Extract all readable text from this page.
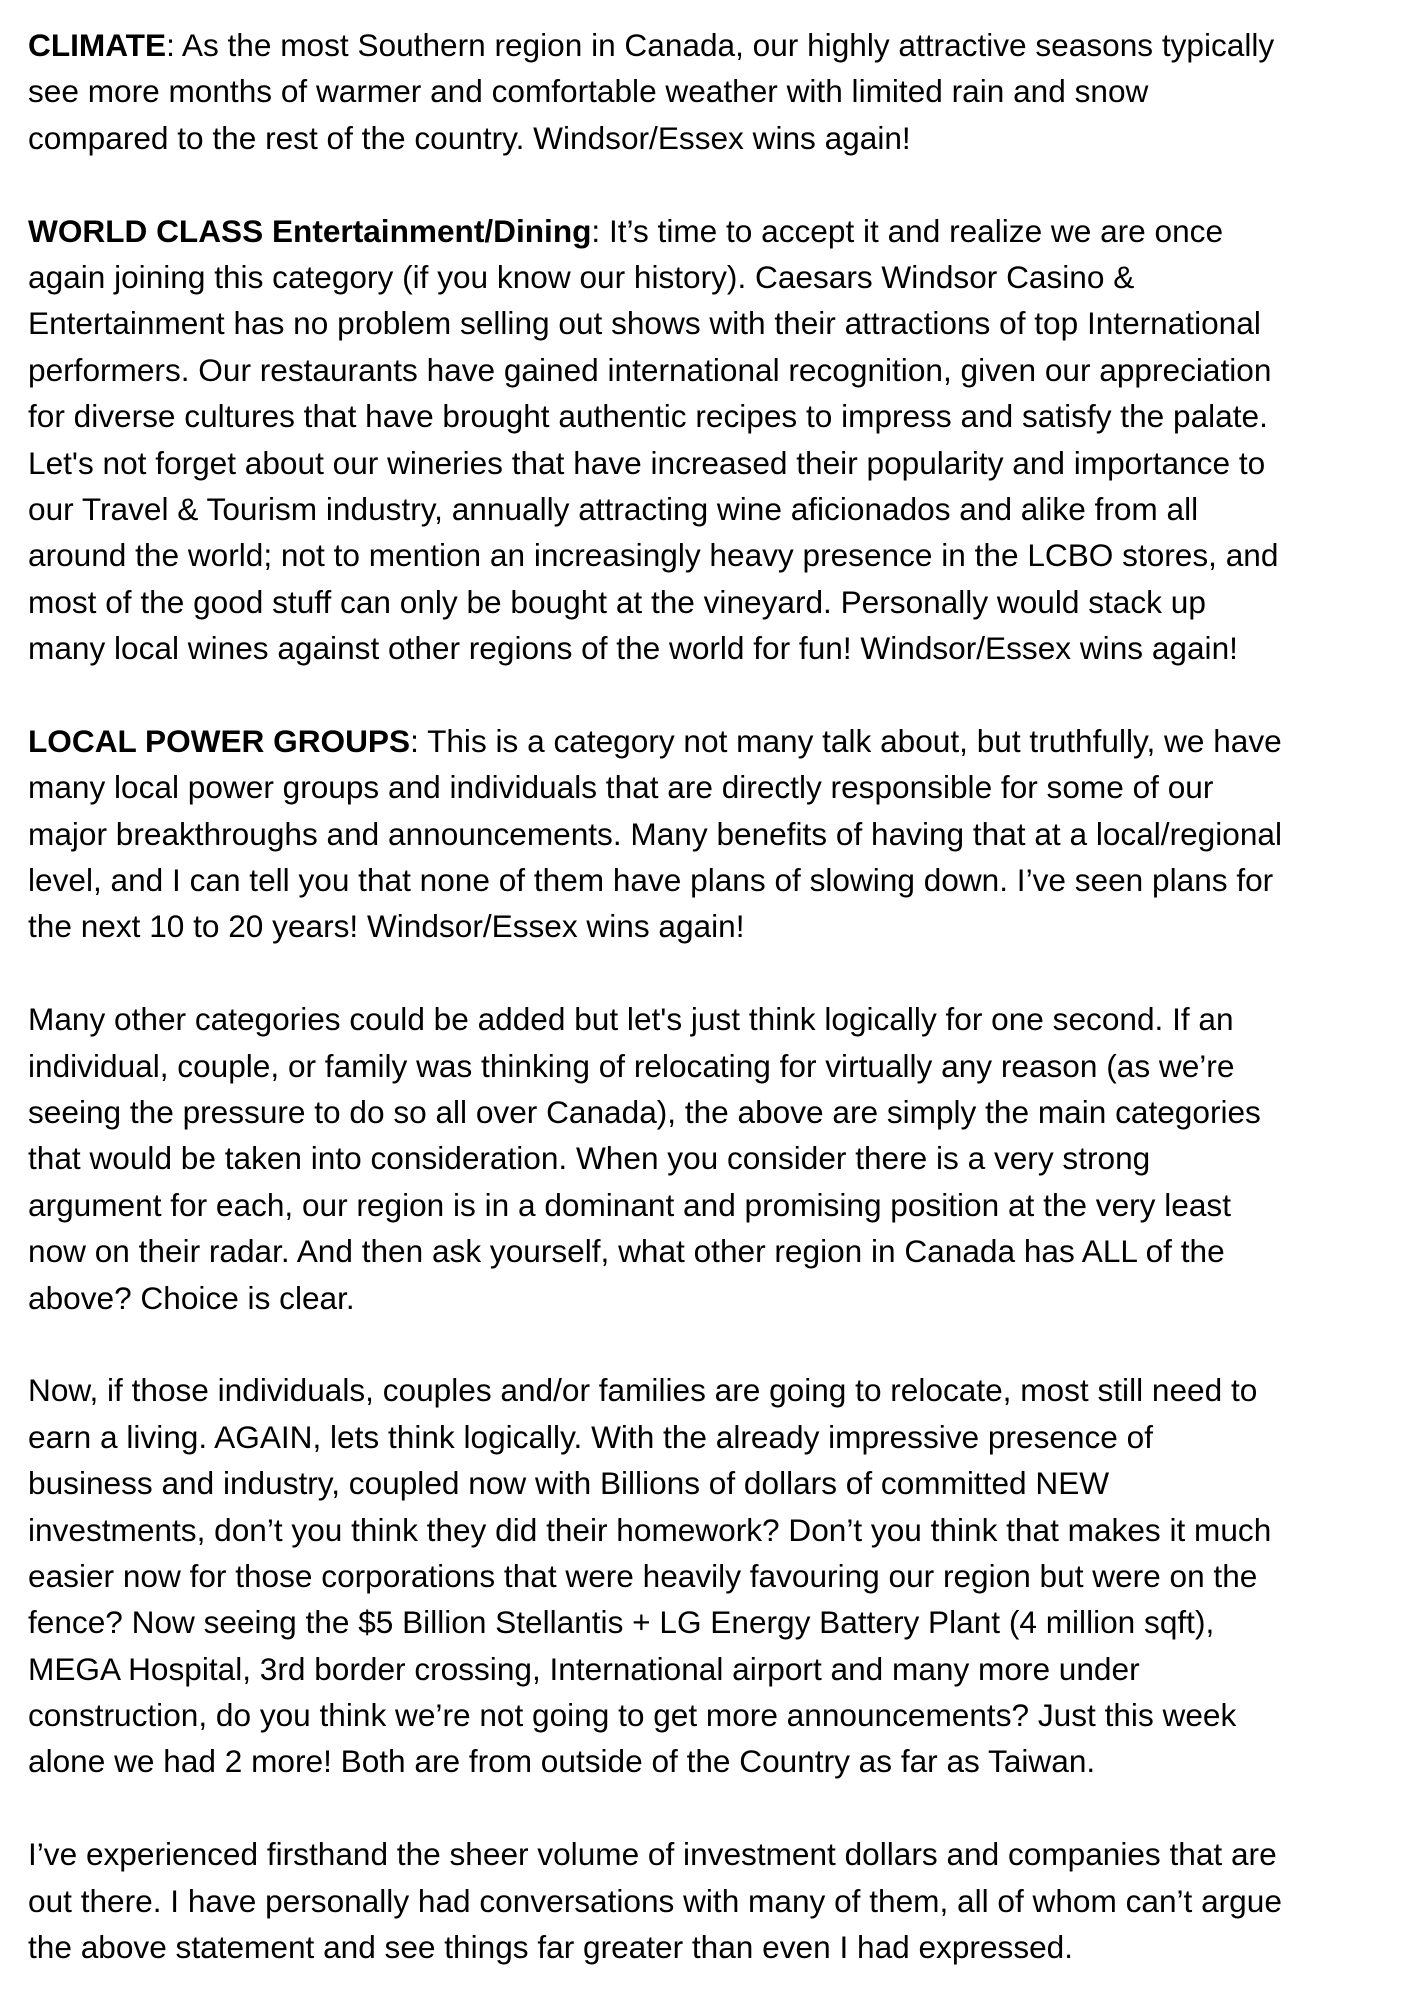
CLIMATE: As the most Southern region in Canada, our highly attractive seasons typically
see more months of warmer and comfortable weather with limited rain and snow
compared to the rest of the country. Windsor/Essex wins again!

WORLD CLASS Entertainment/Dining: It’s time to accept it and realize we are once
again joining this category (if you know our history). Caesars Windsor Casino &
Entertainment has no problem selling out shows with their attractions of top International
performers. Our restaurants have gained international recognition, given our appreciation
for diverse cultures that have brought authentic recipes to impress and satisfy the palate.
Let's not forget about our wineries that have increased their popularity and importance to
our Travel & Tourism industry, annually attracting wine aficionados and alike from all
around the world; not to mention an increasingly heavy presence in the LCBO stores, and
most of the good stuff can only be bought at the vineyard. Personally would stack up
many local wines against other regions of the world for fun! Windsor/Essex wins again!

LOCAL POWER GROUPS: This is a category not many talk about, but truthfully, we have
many local power groups and individuals that are directly responsible for some of our
major breakthroughs and announcements. Many benefits of having that at a local/regional
level, and I can tell you that none of them have plans of slowing down. I’ve seen plans for
the next 10 to 20 years! Windsor/Essex wins again!

Many other categories could be added but let's just think logically for one second. If an
individual, couple, or family was thinking of relocating for virtually any reason (as we’re
seeing the pressure to do so all over Canada), the above are simply the main categories
that would be taken into consideration. When you consider there is a very strong
argument for each, our region is in a dominant and promising position at the very least
now on their radar. And then ask yourself, what other region in Canada has ALL of the
above? Choice is clear.

Now, if those individuals, couples and/or families are going to relocate, most still need to
earn a living. AGAIN, lets think logically. With the already impressive presence of
business and industry, coupled now with Billions of dollars of committed NEW
investments, don’t you think they did their homework? Don’t you think that makes it much
easier now for those corporations that were heavily favouring our region but were on the
fence? Now seeing the $5 Billion Stellantis + LG Energy Battery Plant (4 million sqft),
MEGA Hospital, 3rd border crossing, International airport and many more under
construction, do you think we’re not going to get more announcements? Just this week
alone we had 2 more! Both are from outside of the Country as far as Taiwan.

I’ve experienced firsthand the sheer volume of investment dollars and companies that are
out there. I have personally had conversations with many of them, all of whom can’t argue
the above statement and see things far greater than even I had expressed.
